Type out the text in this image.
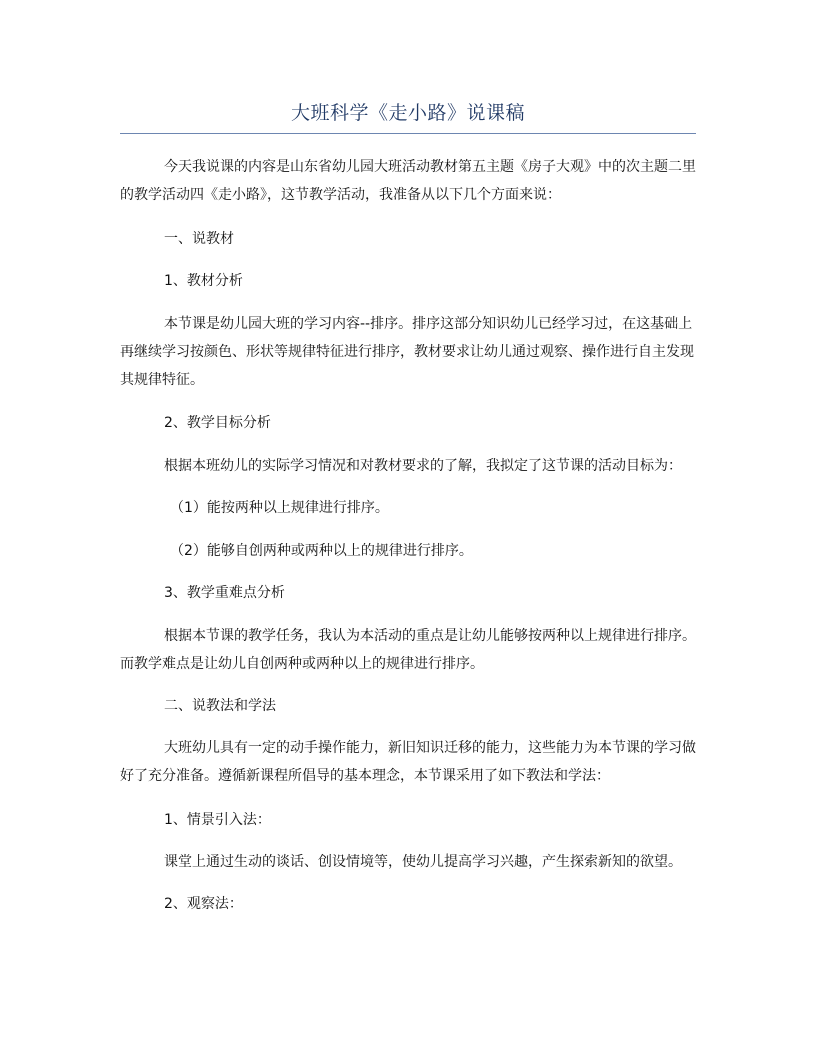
大班科学《走小路》说课稿

今天我说课的内容是山东省幼儿园大班活动教材第五主题《房子大观》中的次主题二里的教学活动四《走小路》，这节教学活动，我准备从以下几个方面来说：

一、说教材

1、教材分析

本节课是幼儿园大班的学习内容--排序。排序这部分知识幼儿已经学习过，在这基础上再继续学习按颜色、形状等规律特征进行排序，教材要求让幼儿通过观察、操作进行自主发现其规律特征。

2、教学目标分析

根据本班幼儿的实际学习情况和对教材要求的了解，我拟定了这节课的活动目标为：

（1）能按两种以上规律进行排序。

（2）能够自创两种或两种以上的规律进行排序。

3、教学重难点分析

根据本节课的教学任务，我认为本活动的重点是让幼儿能够按两种以上规律进行排序。而教学难点是让幼儿自创两种或两种以上的规律进行排序。

二、说教法和学法

大班幼儿具有一定的动手操作能力，新旧知识迁移的能力，这些能力为本节课的学习做好了充分准备。遵循新课程所倡导的基本理念，本节课采用了如下教法和学法：

1、情景引入法：

课堂上通过生动的谈话、创设情境等，使幼儿提高学习兴趣，产生探索新知的欲望。

2、观察法：
